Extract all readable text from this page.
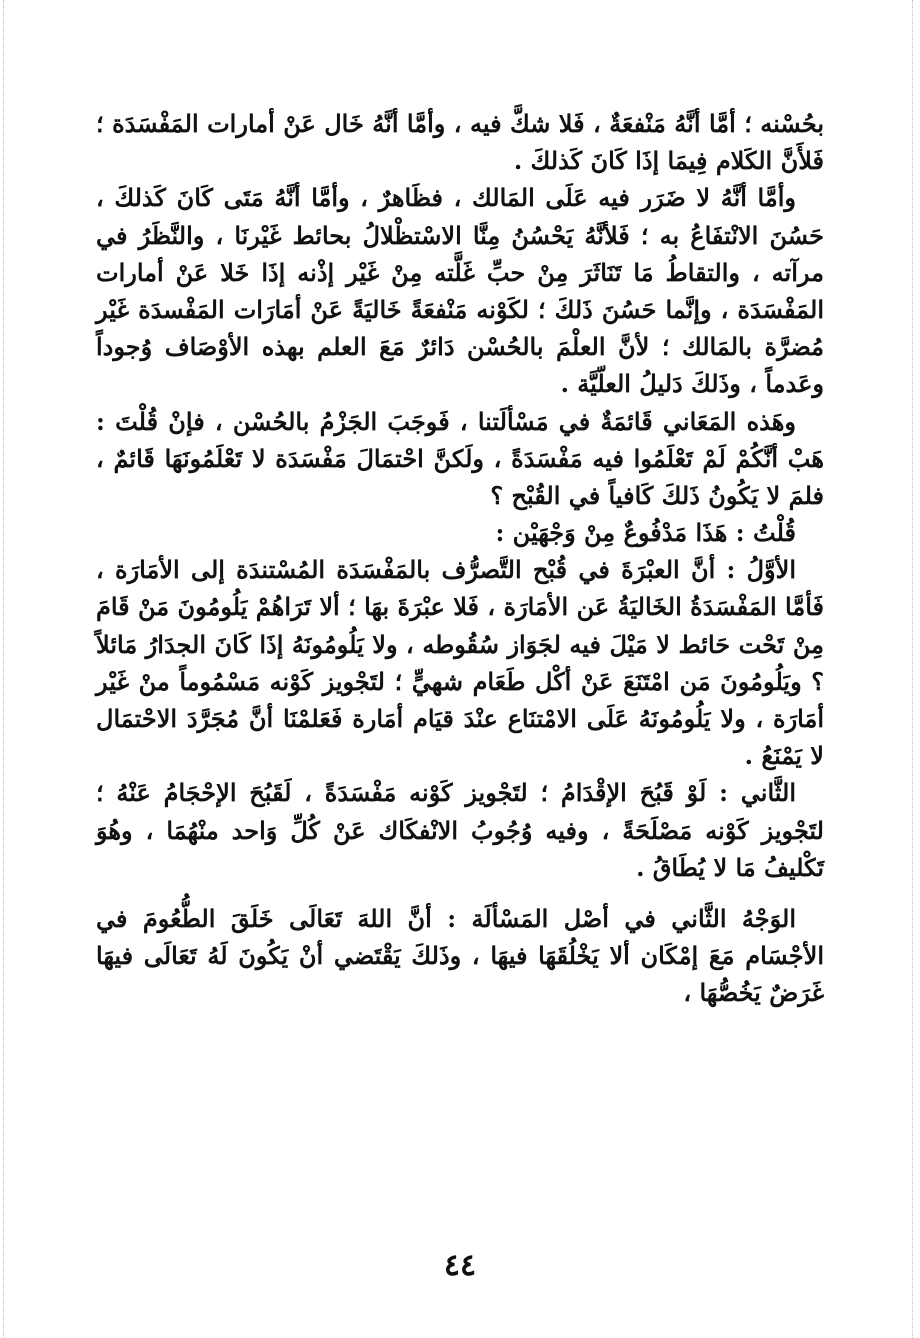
بحُسْنه ؛ أمَّا أنَّهُ مَنْفعَةٌ ، فَلا شكَّ فيه ، وأمَّا أنَّهُ خَال عَنْ أمارات المَفْسَدَة ؛ فَلأَنَّ الكَلام فِيمَا إذَا كَانَ كَذلكَ .

وأمَّا أنَّهُ لا ضَرَر فيه عَلَى المَالك ، فظَاهرٌ ، وأمَّا أنَّهُ مَتَى كَانَ كَذلكَ ، حَسُنَ الانْتفَاعُ به ؛ فَلأنَّهُ يَحْسُنُ مِنَّا الاسْتظْلالُ بحائط غَيْرنَا ، والنَّظَرُ في مرآته ، والتقاطُ مَا تَنَاثَرَ مِنْ حبِّ غَلَّته مِنْ غَيْر إذْنه إذَا خَلا عَنْ أمارات المَفْسَدَة ، وإنَّما حَسُنَ ذَلكَ ؛ لكَوْنه مَنْفعَةً خَاليَةً عَنْ أمَارَات المَفْسدَة غَيْر مُضرَّة بالمَالك ؛ لأنَّ العلْمَ بالحُسْن دَائرٌ مَعَ العلم بهذه الأوْصَاف وُجوداً وعَدماً ، وذَلكَ دَليلُ العلّيَّة .

وهَذه المَعَاني قَائمَةٌ في مَسْألَتنا ، فَوجَبَ الجَزْمُ بالحُسْن ، فإنْ قُلْتَ : هَبْ أنَّكُمْ لَمْ تَعْلَمُوا فيه مَفْسَدَةً ، ولَكنَّ احْتمَالَ مَفْسَدَة لا تَعْلَمُونَهَا قَائمٌ ، فلمَ لا يَكُونُ ذَلكَ كَافياً في القُبْح ؟

قُلْتُ : هَذَا مَدْفُوعٌ مِنْ وَجْهَيْن :

الأوَّلُ : أنَّ العبْرَةَ في قُبْح التَّصرُّف بالمَفْسَدَة المُسْتندَة إلى الأمَارَة ، فَأمَّا المَفْسَدَةُ الخَاليَةُ عَن الأمَارَة ، فَلا عبْرَةَ بهَا ؛ ألا تَرَاهُمْ يَلُومُونَ مَنْ قَامَ مِنْ تَحْت حَائط لا مَيْلَ فيه لجَوَاز سُقُوطه ، ولا يَلُومُونَهُ إذَا كَانَ الجدَارُ مَائلاً ؟ ويَلُومُونَ مَن امْتَنَعَ عَنْ أكْل طَعَام شهيٍّ ؛ لتَجْويز كَوْنه مَسْمُوماً منْ غَيْر أمَارَة ، ولا يَلُومُونَهُ عَلَى الامْتنَاع عنْدَ قيَام أمَارة فَعَلمْنَا أنَّ مُجَرَّدَ الاحْتمَال لا يَمْنَعُ .

الثَّاني : لَوْ قَبُحَ الإقْدَامُ ؛ لتَجْويز كَوْنه مَفْسَدَةً ، لَقَبُحَ الإحْجَامُ عَنْهُ ؛ لتَجْويز كَوْنه مَصْلَحَةً ، وفيه وُجُوبُ الانْفكَاك عَنْ كُلِّ وَاحد منْهُمَا ، وهُوَ تَكْليفُ مَا لا يُطَاقُ .

الوَجْهُ الثَّاني في أصْل المَسْألَة : أنَّ اللهَ تَعَالَى خَلَقَ الطُّعُومَ في الأجْسَام مَعَ إمْكَان ألا يَخْلُقَهَا فيهَا ، وذَلكَ يَقْتَضي أنْ يَكُونَ لَهُ تَعَالَى فيهَا غَرَضٌ يَخُصُّهَا ،

٤٤
